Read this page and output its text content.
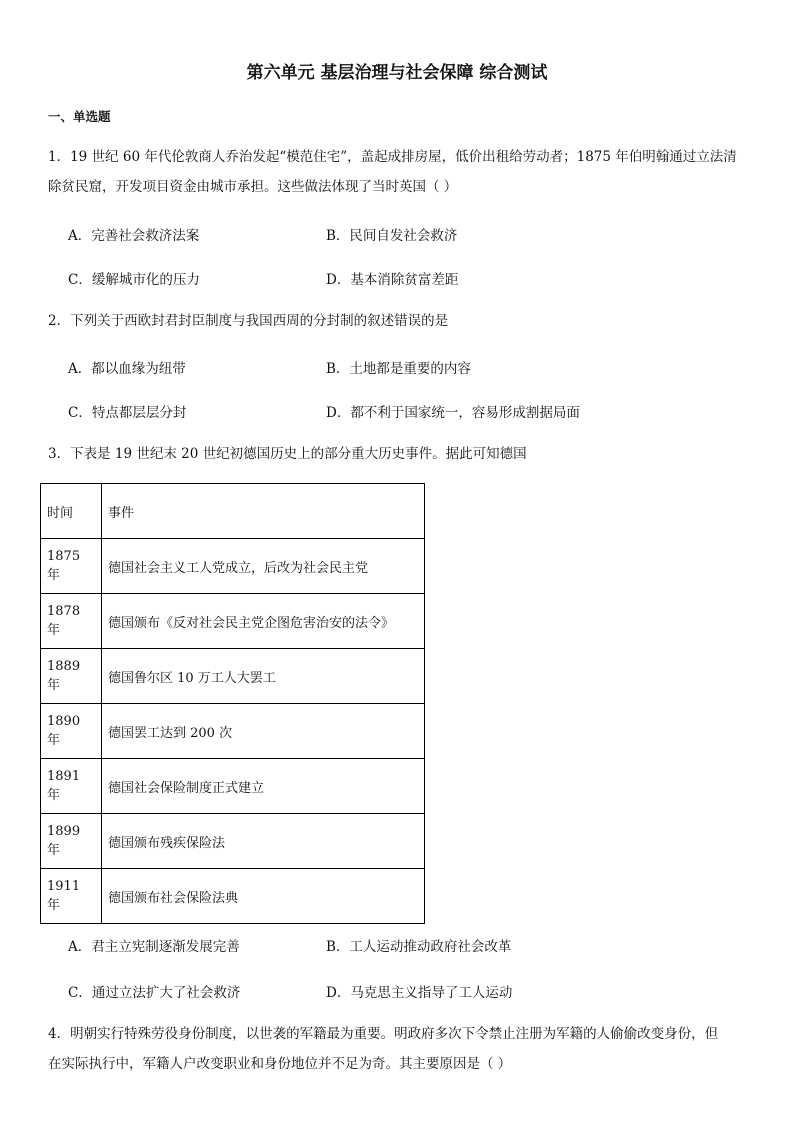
第六单元 基层治理与社会保障 综合测试
一、单选题
1．19 世纪 60 年代伦敦商人乔治发起“模范住宅”，盖起成排房屋，低价出租给劳动者；1875 年伯明翰通过立法清
除贫民窟，开发项目资金由城市承担。这些做法体现了当时英国（ ）
A．完善社会救济法案	B．民间自发社会救济
C．缓解城市化的压力	D．基本消除贫富差距
2．下列关于西欧封君封臣制度与我国西周的分封制的叙述错误的是
A．都以血缘为纽带	B．土地都是重要的内容
C．特点都层层分封	D．都不利于国家统一，容易形成割据局面
3．下表是 19 世纪末 20 世纪初德国历史上的部分重大历史事件。据此可知德国
时间	事件
1875 年	德国社会主义工人党成立，后改为社会民主党
1878 年	德国颁布《反对社会民主党企图危害治安的法令》
1889 年	德国鲁尔区 10 万工人大罢工
1890 年	德国罢工达到 200 次
1891 年	德国社会保险制度正式建立
1899 年	德国颁布残疾保险法
1911 年	德国颁布社会保险法典
A．君主立宪制逐渐发展完善	B．工人运动推动政府社会改革
C．通过立法扩大了社会救济	D．马克思主义指导了工人运动
4．明朝实行特殊劳役身份制度，以世袭的军籍最为重要。明政府多次下令禁止注册为军籍的人偷偷改变身份，但
在实际执行中，军籍人户改变职业和身份地位并不足为奇。其主要原因是（ ）
